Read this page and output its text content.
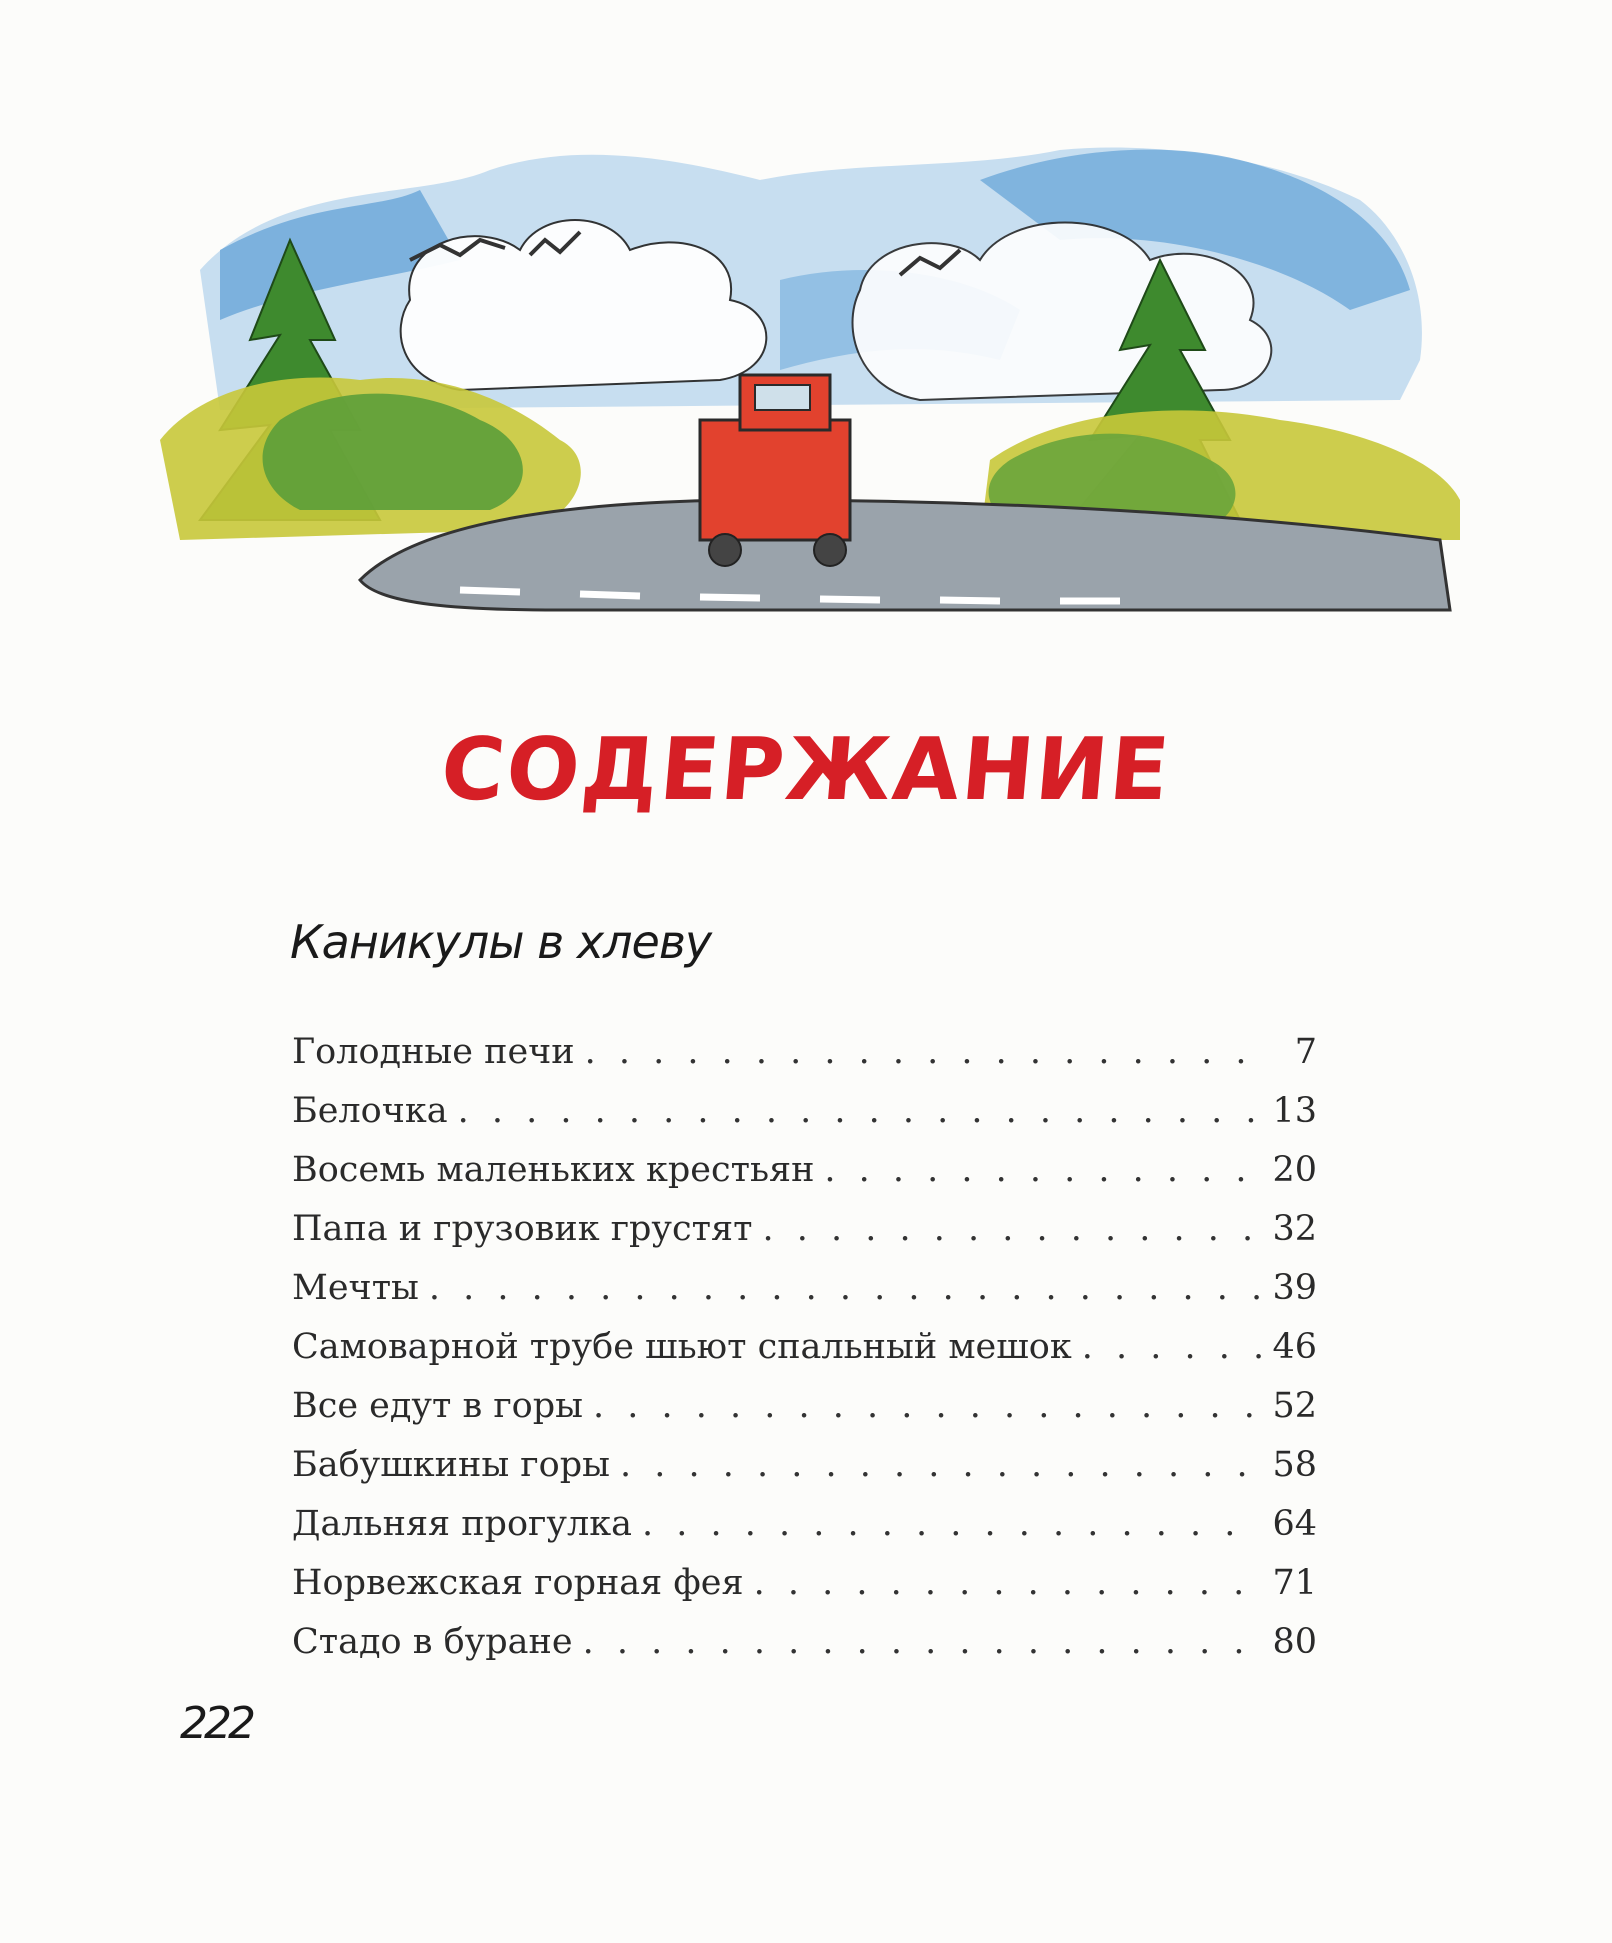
СОДЕРЖАНИЕ
Каникулы в хлеву
Голодные печи . . .	7
Белочка . . .	13
Восемь маленьких крестьян . . .	20
Папа и грузовик грустят . . .	32
Мечты . . .	39
Самоварной трубе шьют спальный мешок . . .	46
Все едут в горы . . .	52
Бабушкины горы . . .	58
Дальняя прогулка . . .	64
Норвежская горная фея . . .	71
Стадо в буране . . .	80
222
